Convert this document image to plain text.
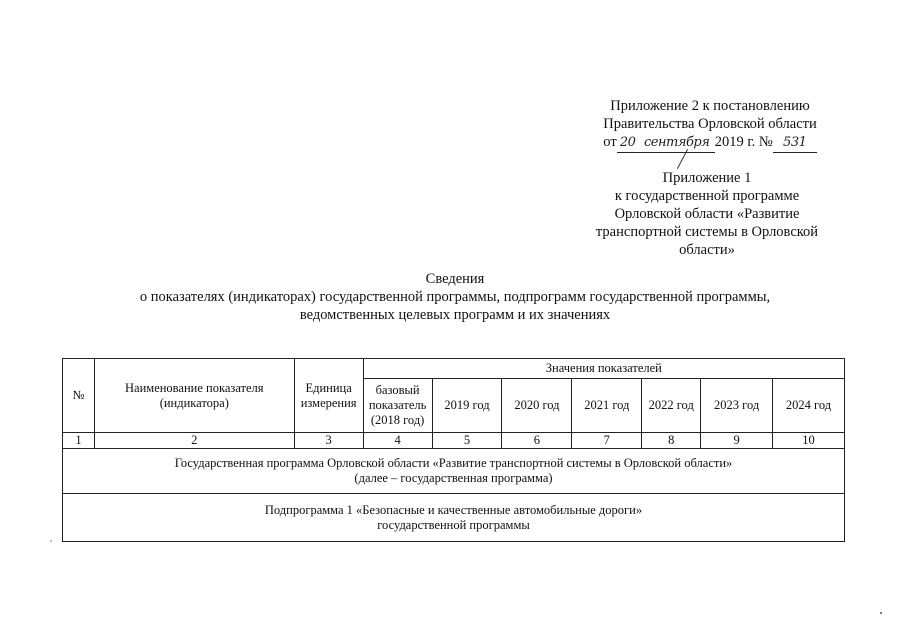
Приложение 2 к постановлению
Правительства Орловской области
от 20 сентября 2019 г. № 531
Приложение 1
к государственной программе
Орловской области «Развитие
транспортной системы в Орловской
области»
Сведения
о показателях (индикаторах) государственной программы, подпрограмм государственной программы,
ведомственных целевых программ и их значениях
№	Наименование показателя (индикатора)	Единица измерения	Значения показателей						
			базовый показатель (2018 год)	2019 год	2020 год	2021 год	2022 год	2023 год	2024 год
1	2	3	4	5	6	7	8	9	10

Государственная программа Орловской области «Развитие транспортной системы в Орловской области»
(далее – государственная программа)									

Подпрограмма 1 «Безопасные и качественные автомобильные дороги»
государственной программы									
